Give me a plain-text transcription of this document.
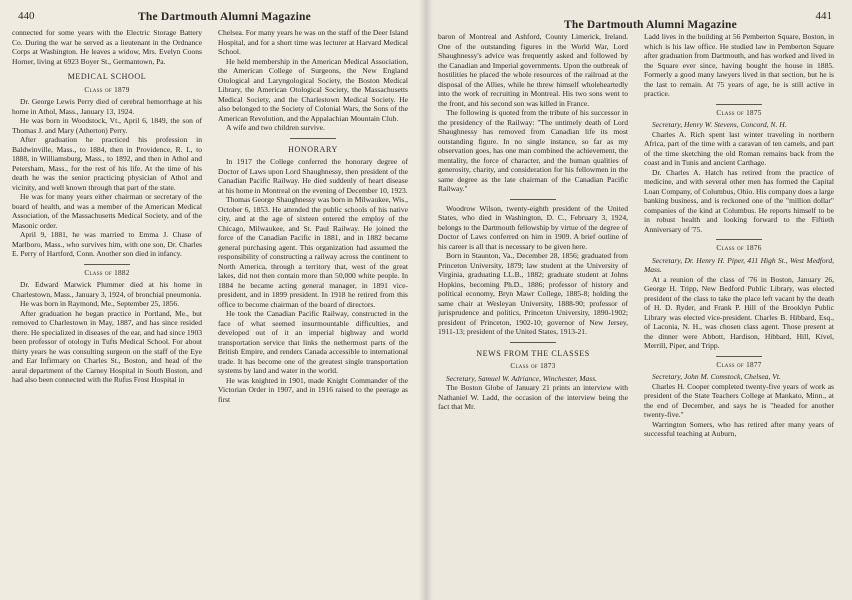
440	The Dartmouth Alumni Magazine

connected for some years with the Electric Storage Battery Co. During the war he served as a lieutenant in the Ordnance Corps at Washington. He leaves a widow, Mrs. Evelyn Coons Horner, living at 6923 Boyer St., Germantown, Pa.

MEDICAL SCHOOL
Class of 1879

Dr. George Lewis Perry died of cerebral hemorrhage at his home in Athol, Mass., January 13, 1924.

He was born in Woodstock, Vt., April 6, 1849, the son of Thomas J. and Mary (Atherton) Perry.

After graduation he practiced his profession in Baldwinville, Mass., to 1884, then in Providence, R. I., to 1888, in Williamsburg, Mass., to 1892, and then in Athol and Petersham, Mass., for the rest of his life. At the time of his death he was the senior practicing physician of Athol and vicinity, and well known through that part of the state.

He was for many years either chairman or secretary of the board of health, and was a member of the American Medical Association, of the Massachusetts Medical Society, and of the Masonic order.

April 9, 1881, he was married to Emma J. Chase of Marlboro, Mass., who survives him, with one son, Dr. Charles E. Perry of Hartford, Conn. Another son died in infancy.

Class of 1882

Dr. Edward Marwick Plummer died at his home in Charlestown, Mass., January 3, 1924, of bronchial pneumonia.

He was born in Raymond, Me., September 25, 1856.

After graduation he began practice in Portland, Me., but removed to Charlestown in May, 1887, and has since resided there. He specialized in diseases of the ear, and had since 1903 been professor of otology in Tufts Medical School. For about thirty years he was consulting surgeon on the staff of the Eye and Ear Infirmary on Charles St., Boston, and head of the aural department of the Carney Hospital in South Boston, and had also been connected with the Rufus Frost Hospital in

Chelsea. For many years he was on the staff of the Deer Island Hospital, and for a short time was lecturer at Harvard Medical School.

He held membership in the American Medical Association, the American College of Surgeons, the New England Otological and Laryngological Society, the Boston Medical Library, the American Otological Society, the Massachusetts Medical Society, and the Charlestown Medical Society. He also belonged to the Society of Colonial Wars, the Sons of the American Revolution, and the Appalachian Mountain Club.

A wife and two children survive.

HONORARY

In 1917 the College conferred the honorary degree of Doctor of Laws upon Lord Shaughnessy, then president of the Canadian Pacific Railway. He died suddenly of heart disease at his home in Montreal on the evening of December 10, 1923.

Thomas George Shaughnessy was born in Milwaukee, Wis., October 6, 1853. He attended the public schools of his native city, and at the age of sixteen entered the employ of the Chicago, Milwaukee, and St. Paul Railway. He joined the force of the Canadian Pacific in 1881, and in 1882 became general purchasing agent. This organization had assumed the responsibility of constructing a railway across the continent to North America, through a territory that, west of the great lakes, did not then contain more than 50,000 white people. In 1884 he became acting general manager, in 1891 vice-president, and in 1899 president. In 1918 he retired from this office to become chairman of the board of directors.

He took the Canadian Pacific Railway, constructed in the face of what seemed insurmountable difficulties, and developed out of it an imperial highway and world transportation service that links the nethermost parts of the British Empire, and renders Canada accessible to international trade. It has become one of the greatest single transportation systems by land and water in the world.

He was knighted in 1901, made Knight Commander of the Victorian Order in 1907, and in 1916 raised to the peerage as first

The Dartmouth Alumni Magazine
441

baron of Montreal and Ashford, County Limerick, Ireland. One of the outstanding figures in the World War, Lord Shaughnessy's advice was frequently asked and followed by the Canadian and Imperial governments. Upon the outbreak of hostilities he placed the whole resources of the railroad at the disposal of the Allies, while he threw himself wholeheartedly into the work of recruiting in Montreal. His two sons went to the front, and his second son was killed in France.

The following is quoted from the tribute of his successor in the presidency of the Railway: "The untimely death of Lord Shaughnessy has removed from Canadian life its most outstanding figure. In no single instance, so far as my observation goes, has one man combined the achievement, the mentality, the force of character, and the human qualities of generosity, charity, and consideration for his fellowmen in the same degree as the late chairman of the Canadian Pacific Railway."

Woodrow Wilson, twenty-eighth president of the United States, who died in Washington, D. C., February 3, 1924, belongs to the Dartmouth fellowship by virtue of the degree of Doctor of Laws conferred on him in 1909. A brief outline of his career is all that is necessary to be given here.

Born in Staunton, Va., December 28, 1856; graduated from Princeton University, 1879; law student at the University of Virginia, graduating LL.B., 1882; graduate student at Johns Hopkins, becoming Ph.D., 1886; professor of history and political economy, Bryn Mawr College, 1885-8; holding the same chair at Wesleyan University, 1888-90; professor of jurisprudence and politics, Princeton University, 1890-1902; president of Princeton, 1902-10; governor of New Jersey, 1911-13; president of the United States, 1913-21.

NEWS FROM THE CLASSES
Class of 1873

Secretary, Samuel W. Adriance, Winchester, Mass.

The Boston Globe of January 21 prints an interview with Nathaniel W. Ladd, the occasion of the interview being the fact that Mr.

Ladd lives in the building at 56 Pemberton Square, Boston, in which is his law office. He studied law in Pemberton Square after graduation from Dartmouth, and has worked and lived in the Square ever since, having bought the house in 1885. Formerly a good many lawyers lived in that section, but he is the last to remain. At 75 years of age, he is still active in practice.

Class of 1875

Secretary, Henry W. Stevens, Concord, N. H.

Charles A. Rich spent last winter traveling in northern Africa, part of the time with a caravan of ten camels, and part of the time sketching the old Roman remains back from the coast and in Tunis and ancient Carthage.

Dr. Charles A. Hatch has retired from the practice of medicine, and with several other men has formed the Capital Loan Company, of Columbus, Ohio. His company does a large banking business, and is reckoned one of the "million dollar" companies of the kind at Columbus. He reports himself to be in robust health and looking forward to the Fiftieth Anniversary of '75.

Class of 1876

Secretary, Dr. Henry H. Piper, 411 High St., West Medford, Mass.

At a reunion of the class of '76 in Boston, January 26, George H. Tripp, New Bedford Public Library, was elected president of the class to take the place left vacant by the death of H. D. Ryder, and Frank P. Hill of the Brooklyn Public Library was elected vice-president. Charles B. Hibbard, Esq., of Laconia, N. H., was chosen class agent. Those present at the dinner were Abbott, Hardison, Hibbard, Hill, Kivel, Merrill, Piper, and Tripp.

Class of 1877

Secretary, John M. Comstock, Chelsea, Vt.

Charles H. Cooper completed twenty-five years of work as president of the State Teachers College at Mankato, Minn., at the end of December, and says he is "headed for another twenty-five."

Warrington Somers, who has retired after many years of successful teaching at Auburn,
